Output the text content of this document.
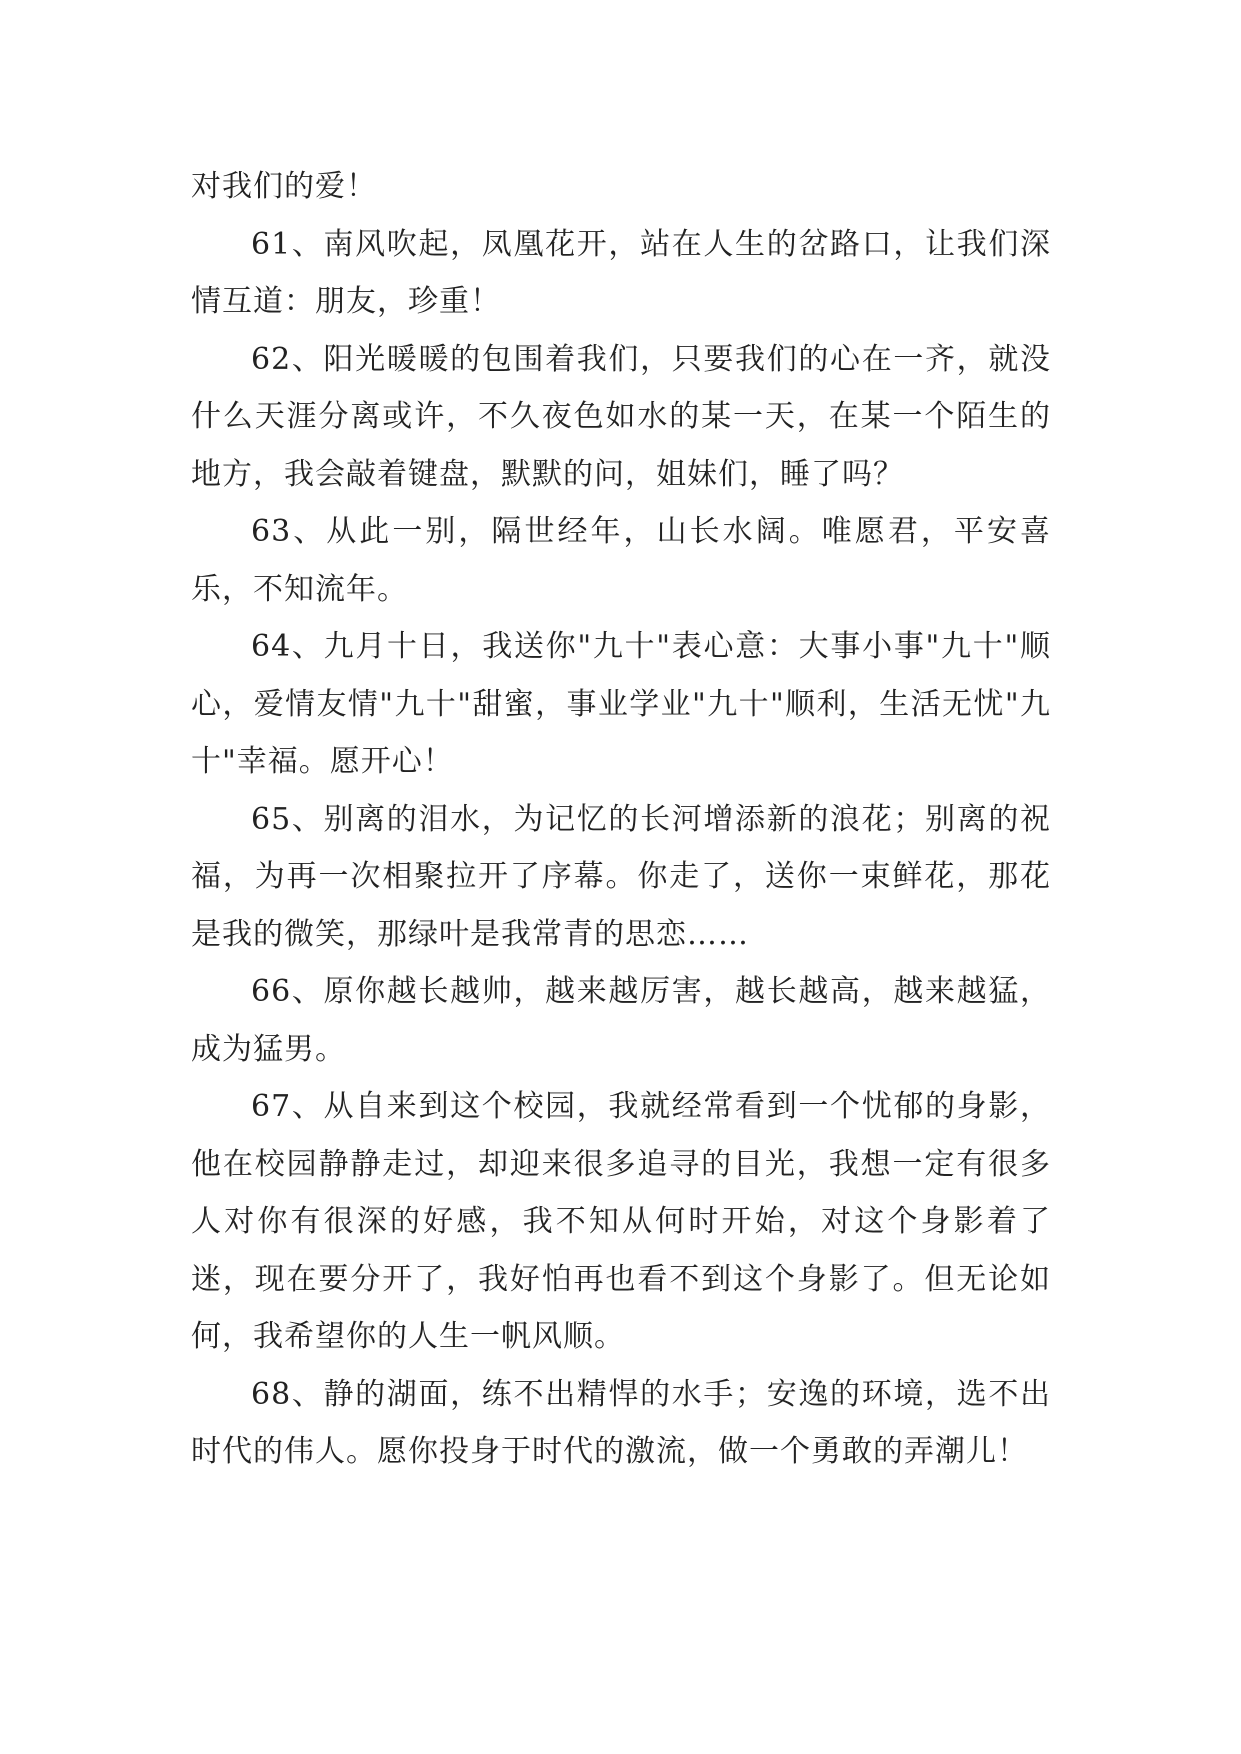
对我们的爱！

61、南风吹起，凤凰花开，站在人生的岔路口，让我们深情互道：朋友，珍重！

62、阳光暖暖的包围着我们，只要我们的心在一齐，就没什么天涯分离或许，不久夜色如水的某一天，在某一个陌生的地方，我会敲着键盘，默默的问，姐妹们，睡了吗？

63、从此一别，隔世经年，山长水阔。唯愿君，平安喜乐，不知流年。

64、九月十日，我送你"九十"表心意：大事小事"九十"顺心，爱情友情"九十"甜蜜，事业学业"九十"顺利，生活无忧"九十"幸福。愿开心！

65、别离的泪水，为记忆的长河增添新的浪花；别离的祝福，为再一次相聚拉开了序幕。你走了，送你一束鲜花，那花是我的微笑，那绿叶是我常青的思恋……

66、原你越长越帅，越来越厉害，越长越高，越来越猛，成为猛男。

67、从自来到这个校园，我就经常看到一个忧郁的身影，他在校园静静走过，却迎来很多追寻的目光，我想一定有很多人对你有很深的好感，我不知从何时开始，对这个身影着了迷，现在要分开了，我好怕再也看不到这个身影了。但无论如何，我希望你的人生一帆风顺。

68、静的湖面，练不出精悍的水手；安逸的环境，选不出时代的伟人。愿你投身于时代的激流，做一个勇敢的弄潮儿！
